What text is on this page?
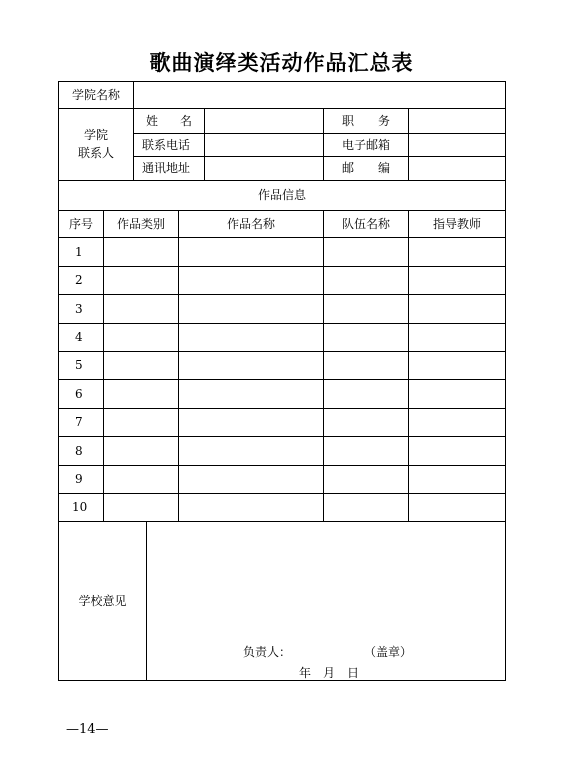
歌曲演绎类活动作品汇总表
学院名称
学院
联系人
姓 名	职 务
联系电话	电子邮箱
通讯地址	邮 编
作品信息
序号	作品类别	作品名称	队伍名称	指导教师
1
2
3
4
5
6
7
8
9
10
学校意见
负责人：	（盖章）
年 月 日
—14—
